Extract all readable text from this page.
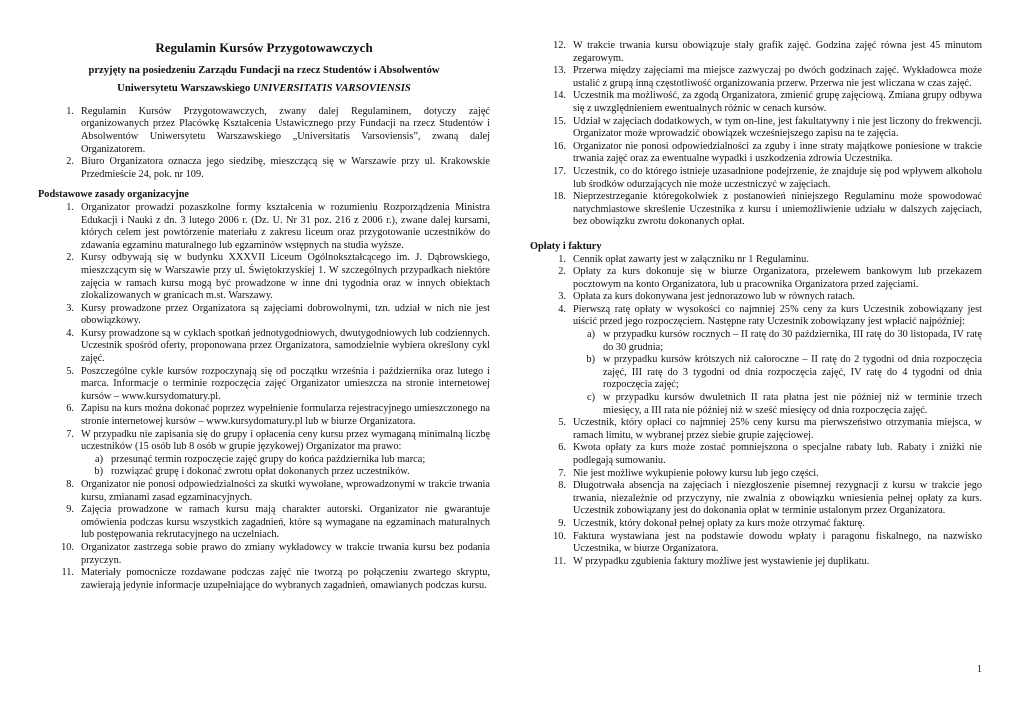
Regulamin Kursów Przygotowawczych
przyjęty na posiedzeniu Zarządu Fundacji na rzecz Studentów i Absolwentów
Uniwersytetu Warszawskiego UNIVERSITATIS VARSOVIENSIS
1. Regulamin Kursów Przygotowawczych, zwany dalej Regulaminem, dotyczy zajęć organizowanych przez Placówkę Kształcenia Ustawicznego przy Fundacji na rzecz Studentów i Absolwentów Uniwersytetu Warszawskiego „Universitatis Varsoviensis”, zwaną dalej Organizatorem.
2. Biuro Organizatora oznacza jego siedzibę, mieszczącą się w Warszawie przy ul. Krakowskie Przedmieście 24, pok. nr 109.
Podstawowe zasady organizacyjne
1. Organizator prowadzi pozaszkolne formy kształcenia w rozumieniu Rozporządzenia Ministra Edukacji i Nauki z dn. 3 lutego 2006 r. (Dz. U. Nr 31 poz. 216 z 2006 r.), zwane dalej kursami, których celem jest powtórzenie materiału z zakresu liceum oraz przygotowanie uczestników do zdawania egzaminu maturalnego lub egzaminów wstępnych na studia wyższe.
2. Kursy odbywają się w budynku XXXVII Liceum Ogólnokształcącego im. J. Dąbrowskiego, mieszczącym się w Warszawie przy ul. Świętokrzyskiej 1. W szczególnych przypadkach niektóre zajęcia w ramach kursu mogą być prowadzone w inne dni tygodnia oraz w innych obiektach zlokalizowanych w granicach m.st. Warszawy.
3. Kursy prowadzone przez Organizatora są zajęciami dobrowolnymi, tzn. udział w nich nie jest obowiązkowy.
4. Kursy prowadzone są w cyklach spotkań jednotygodniowych, dwutygodniowych lub codziennych. Uczestnik spośród oferty, proponowana przez Organizatora, samodzielnie wybiera określony cykl zajęć.
5. Poszczególne cykle kursów rozpoczynają się od początku września i października oraz lutego i marca. Informacje o terminie rozpoczęcia zajęć Organizator umieszcza na stronie internetowej kursów – www.kursydomatury.pl.
6. Zapisu na kurs można dokonać poprzez wypełnienie formularza rejestracyjnego umieszczonego na stronie internetowej kursów – www.kursydomatury.pl lub w biurze Organizatora.
7. W przypadku nie zapisania się do grupy i opłacenia ceny kursu przez wymaganą minimalną liczbę uczestników (15 osób lub 8 osób w grupie językowej) Organizator ma prawo:
a) przesunąć termin rozpoczęcie zajęć grupy do końca października lub marca;
b) rozwiązać grupę i dokonać zwrotu opłat dokonanych przez uczestników.
8. Organizator nie ponosi odpowiedzialności za skutki wywołane, wprowadzonymi w trakcie trwania kursu, zmianami zasad egzaminacyjnych.
9. Zajęcia prowadzone w ramach kursu mają charakter autorski. Organizator nie gwarantuje omówienia podczas kursu wszystkich zagadnień, które są wymagane na egzaminach maturalnych lub postępowania rekrutacyjnego na uczelniach.
10. Organizator zastrzega sobie prawo do zmiany wykładowcy w trakcie trwania kursu bez podania przyczyn.
11. Materiały pomocnicze rozdawane podczas zajęć nie tworzą po połączeniu zwartego skryptu, zawierają jedynie informacje uzupełniające do wybranych zagadnień, omawianych podczas kursu.
12. W trakcie trwania kursu obowiązuje stały grafik zajęć. Godzina zajęć równa jest 45 minutom zegarowym.
13. Przerwa między zajęciami ma miejsce zazwyczaj po dwóch godzinach zajęć. Wykładowca może ustalić z grupą inną częstotliwość organizowania przerw. Przerwa nie jest wliczana w czas zajęć.
14. Uczestnik ma możliwość, za zgodą Organizatora, zmienić grupę zajęciową. Zmiana grupy odbywa się z uwzględnieniem ewentualnych różnic w cenach kursów.
15. Udział w zajęciach dodatkowych, w tym on-line, jest fakultatywny i nie jest liczony do frekwencji. Organizator może wprowadzić obowiązek wcześniejszego zapisu na te zajęcia.
16. Organizator nie ponosi odpowiedzialności za zguby i inne straty majątkowe poniesione w trakcie trwania zajęć oraz za ewentualne wypadki i uszkodzenia zdrowia Uczestnika.
17. Uczestnik, co do którego istnieje uzasadnione podejrzenie, że znajduje się pod wpływem alkoholu lub środków odurzających nie może uczestniczyć w zajęciach.
18. Nieprzestrzeganie któregokolwiek z postanowień niniejszego Regulaminu może spowodować natychmiastowe skreślenie Uczestnika z kursu i uniemożliwienie udziału w dalszych zajęciach, bez obowiązku zwrotu dokonanych opłat.
Opłaty i faktury
1. Cennik opłat zawarty jest w załączniku nr 1 Regulaminu.
2. Opłaty za kurs dokonuje się w biurze Organizatora, przelewem bankowym lub przekazem pocztowym na konto Organizatora, lub u pracownika Organizatora przed zajęciami.
3. Opłata za kurs dokonywana jest jednorazowo lub w równych ratach.
4. Pierwszą ratę opłaty w wysokości co najmniej 25% ceny za kurs Uczestnik zobowiązany jest uiścić przed jego rozpoczęciem. Następne raty Uczestnik zobowiązany jest wpłacić najpóźniej:
a) w przypadku kursów rocznych – II ratę do 30 października, III ratę do 30 listopada, IV ratę do 30 grudnia;
b) w przypadku kursów krótszych niż całoroczne – II ratę do 2 tygodni od dnia rozpoczęcia zajęć, III ratę do 3 tygodni od dnia rozpoczęcia zajęć, IV ratę do 4 tygodni od dnia rozpoczęcia zajęć;
c) w przypadku kursów dwuletnich II rata płatna jest nie później niż w terminie trzech miesięcy, a III rata nie później niż w sześć miesięcy od dnia rozpoczęcia zajęć.
5. Uczestnik, który opłaci co najmniej 25% ceny kursu ma pierwszeństwo otrzymania miejsca, w ramach limitu, w wybranej przez siebie grupie zajęciowej.
6. Kwota opłaty za kurs może zostać pomniejszona o specjalne rabaty lub. Rabaty i zniżki nie podlegają sumowaniu.
7. Nie jest możliwe wykupienie połowy kursu lub jego części.
8. Długotrwała absencja na zajęciach i niezgłoszenie pisemnej rezygnacji z kursu w trakcie jego trwania, niezależnie od przyczyny, nie zwalnia z obowiązku wniesienia pełnej opłaty za kurs. Uczestnik zobowiązany jest do dokonania opłat w terminie ustalonym przez Organizatora.
9. Uczestnik, który dokonał pełnej opłaty za kurs może otrzymać fakturę.
10. Faktura wystawiana jest na podstawie dowodu wpłaty i paragonu fiskalnego, na nazwisko Uczestnika, w biurze Organizatora.
11. W przypadku zgubienia faktury możliwe jest wystawienie jej duplikatu.
1
